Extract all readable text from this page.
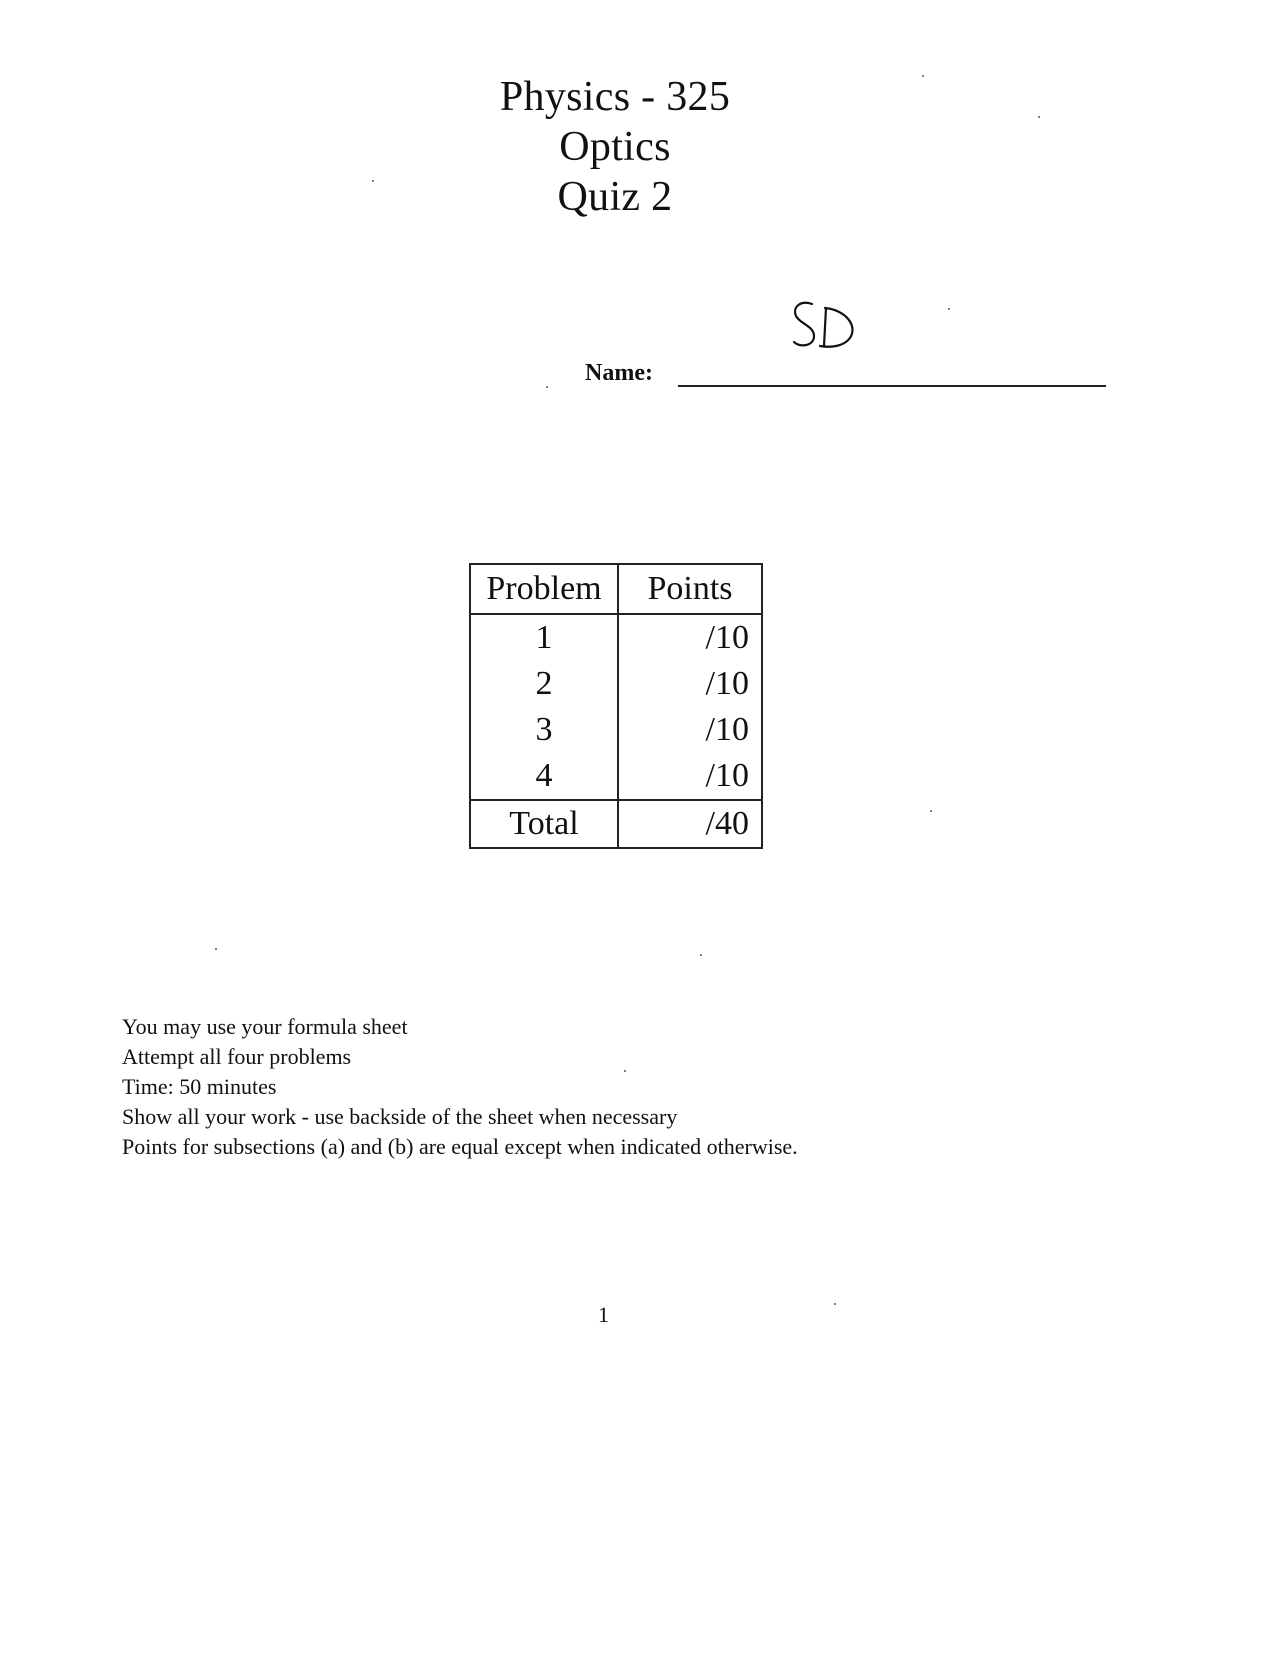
Physics - 325
Optics
Quiz 2
Name:
Problem	Points
1	/10
2	/10
3	/10
4	/10
Total	/40
You may use your formula sheet
Attempt all four problems
Time: 50 minutes
Show all your work - use backside of the sheet when necessary
Points for subsections (a) and (b) are equal except when indicated otherwise.
1
